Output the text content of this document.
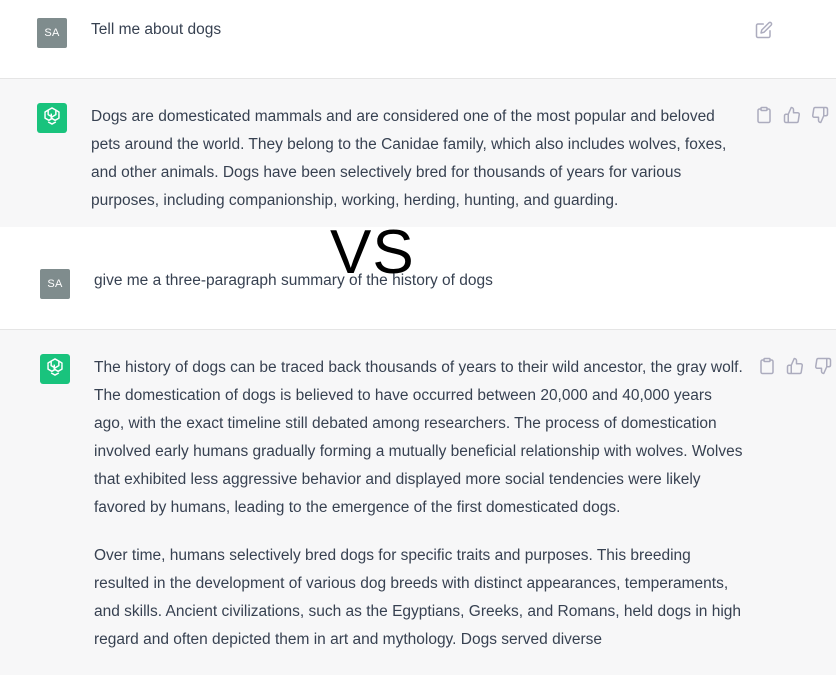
SA Tell me about dogs
Dogs are domesticated mammals and are considered one of the most popular and beloved pets around the world. They belong to the Canidae family, which also includes wolves, foxes, and other animals. Dogs have been selectively bred for thousands of years for various purposes, including companionship, working, herding, hunting, and guarding.
SA give me a three-paragraph summary of the history of dogs
VS

The history of dogs can be traced back thousands of years to their wild ancestor, the gray wolf. The domestication of dogs is believed to have occurred between 20,000 and 40,000 years ago, with the exact timeline still debated among researchers. The process of domestication involved early humans gradually forming a mutually beneficial relationship with wolves. Wolves that exhibited less aggressive behavior and displayed more social tendencies were likely favored by humans, leading to the emergence of the first domesticated dogs.

Over time, humans selectively bred dogs for specific traits and purposes. This breeding resulted in the development of various dog breeds with distinct appearances, temperaments, and skills. Ancient civilizations, such as the Egyptians, Greeks, and Romans, held dogs in high regard and often depicted them in art and mythology. Dogs served diverse
